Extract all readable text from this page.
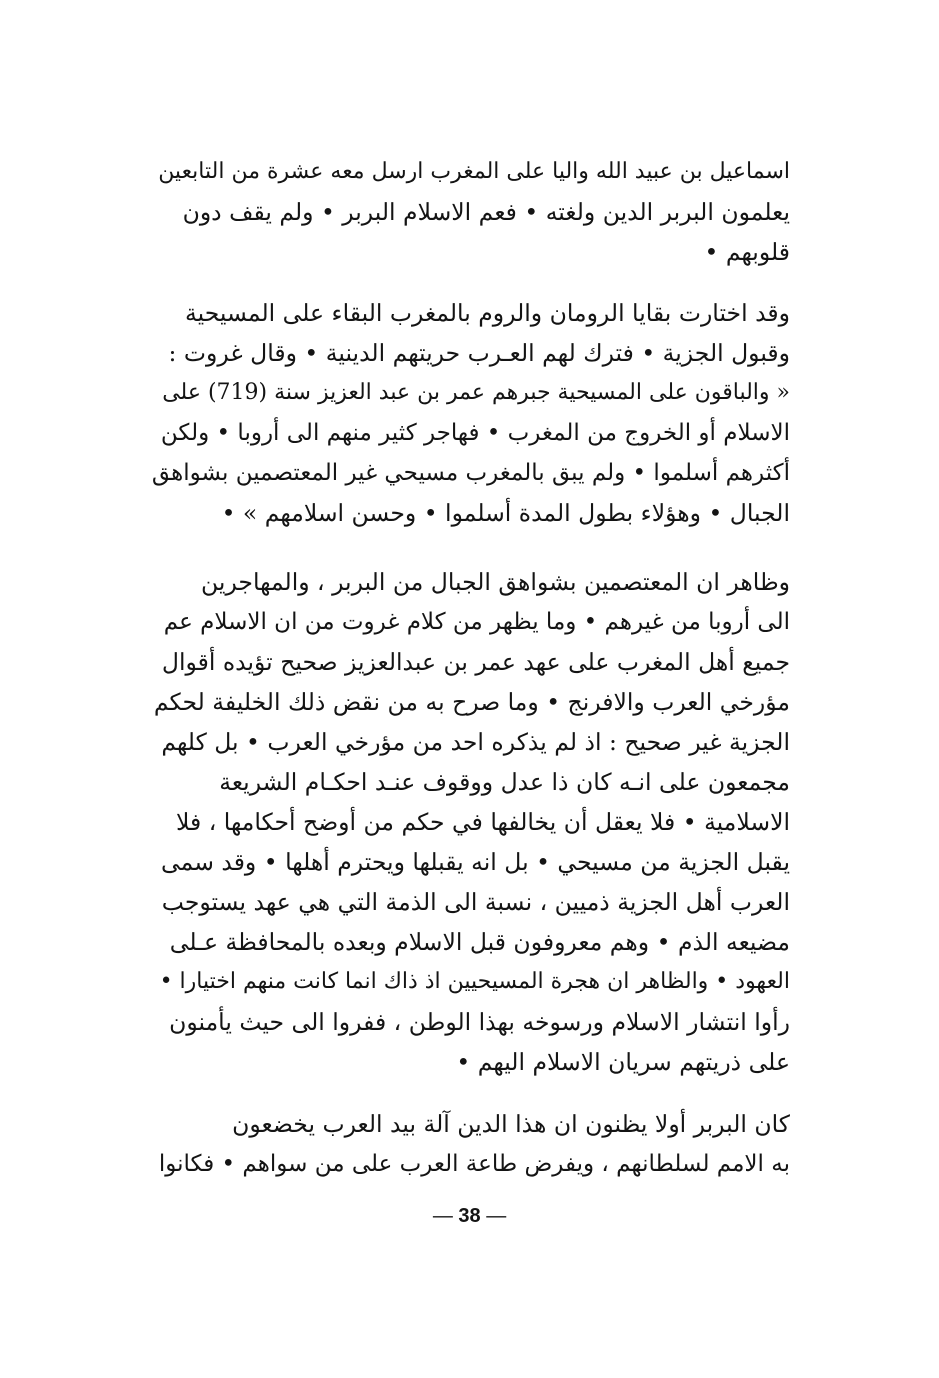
اسماعيل بن عبيد الله واليا على المغرب ارسل معه عشرة من التابعين
يعلمون البربر الدين ولغته • فعم الاسلام البربر • ولم يقف دون
قلوبهم •
وقد اختارت بقايا الرومان والروم بالمغرب البقاء على المسيحية
وقبول الجزية • فترك لهم العـرب حريتهم الدينية • وقال غروت :
« والباقون على المسيحية جبرهم عمر بن عبد العزيز سنة (719) على
الاسلام أو الخروج من المغرب • فهاجر كثير منهم الى أروبا • ولكن
أكثرهم أسلموا • ولم يبق بالمغرب مسيحي غير المعتصمين بشواهق
الجبال • وهؤلاء بطول المدة أسلموا • وحسن اسلامهم » •
وظاهر ان المعتصمين بشواهق الجبال من البربر ، والمهاجرين
الى أروبا من غيرهم • وما يظهر من كلام غروت من ان الاسلام عم
جميع أهل المغرب على عهد عمر بن عبدالعزيز صحيح تؤيده أقوال
مؤرخي العرب والافرنج • وما صرح به من نقض ذلك الخليفة لحكم
الجزية غير صحيح : اذ لم يذكره احد من مؤرخي العرب • بل كلهم
مجمعون على انـه كان ذا عدل ووقوف عنـد احكـام الشريعة
الاسلامية • فلا يعقل أن يخالفها في حكم من أوضح أحكامها ، فلا
يقبل الجزية من مسيحي • بل انه يقبلها ويحترم أهلها • وقد سمى
العرب أهل الجزية ذميين ، نسبة الى الذمة التي هي عهد يستوجب
مضيعه الذم • وهم معروفون قبل الاسلام وبعده بالمحافظة عـلى
العهود • والظاهر ان هجرة المسيحيين اذ ذاك انما كانت منهم اختيارا •
رأوا انتشار الاسلام ورسوخه بهذا الوطن ، ففروا الى حيث يأمنون
على ذريتهم سريان الاسلام اليهم •
كان البربر أولا يظنون ان هذا الدين آلة بيد العرب يخضعون
به الامم لسلطانهم ، ويفرض طاعة العرب على من سواهم • فكانوا
— 38 —
